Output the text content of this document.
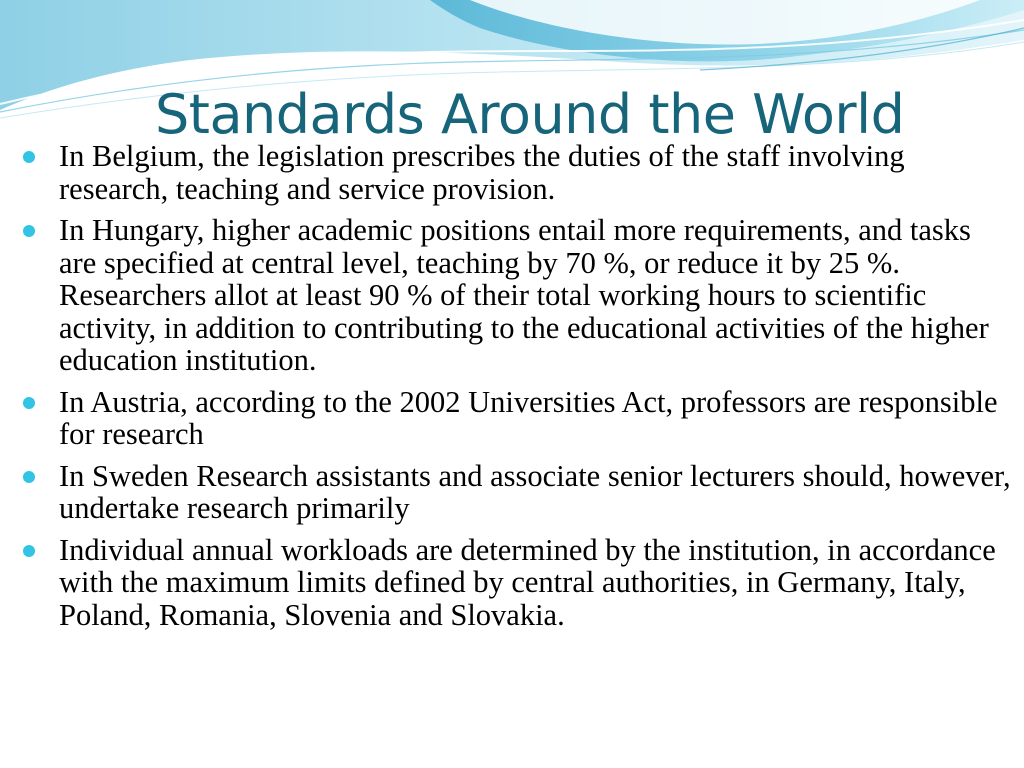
Standards Around the World
In Belgium, the legislation prescribes the duties of the staff involving research, teaching and service provision.
In Hungary, higher academic positions entail more requirements, and tasks are specified at central level, teaching by 70 %, or reduce it by 25 %. Researchers allot at least 90 % of their total working hours to scientific activity, in addition to contributing to the educational activities of the higher education institution.
In Austria, according to the 2002 Universities Act, professors are responsible for research
In Sweden Research assistants and associate senior lecturers should, however, undertake research primarily
Individual annual workloads are determined by the institution, in accordance with the maximum limits defined by central authorities, in Germany, Italy, Poland, Romania, Slovenia and Slovakia.
